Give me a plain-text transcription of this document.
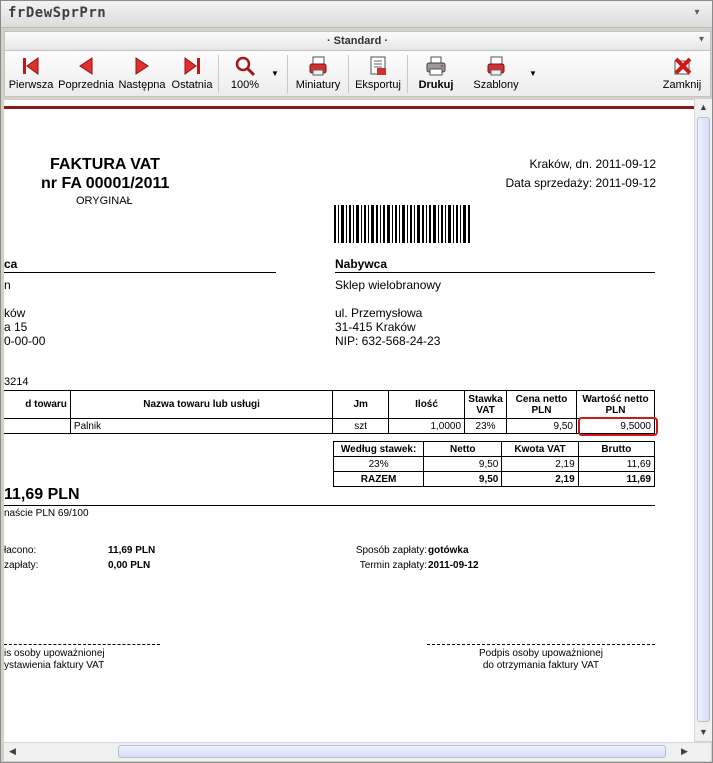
frDewSprPrn	▾
· Standard ·	▾
Pierwsza Poprzednia Następna Ostatnia	100%
▼
Miniatury	Eksportuj	Drukuj	Szablony
▼
Zamknij
FAKTURA VAT
nr FA 00001/2011
ORYGINAŁ
Kraków, dn. 2011-09-12
Data sprzedaży: 2011-09-12
ca
n
ków
a 15
0-00-00
3214
Nabywca
Sklep wielobranowy
ul. Przemysłowa
31-415 Kraków
NIP: 632-568-24-23
d towaru	Nazwa towaru lub usługi	Jm	Ilość	Stawka VAT	Cena netto PLN	Wartość netto PLN
	Palnik	szt	1,0000	23%	9,50	9,5000
Według stawek:	Netto	Kwota VAT	Brutto
23%	9,50	2,19	11,69
RAZEM	9,50	2,19	11,69
11,69 PLN
naście PLN 69/100
łacono:	11,69 PLN
zapłaty:	0,00 PLN
Sposób zapłaty: gotówka
Termin zapłaty: 2011-09-12
is osoby upoważnionej
ystawienia faktury VAT
Podpis osoby upoważnionej
do otrzymania faktury VAT
▲
▼
◀	▶
